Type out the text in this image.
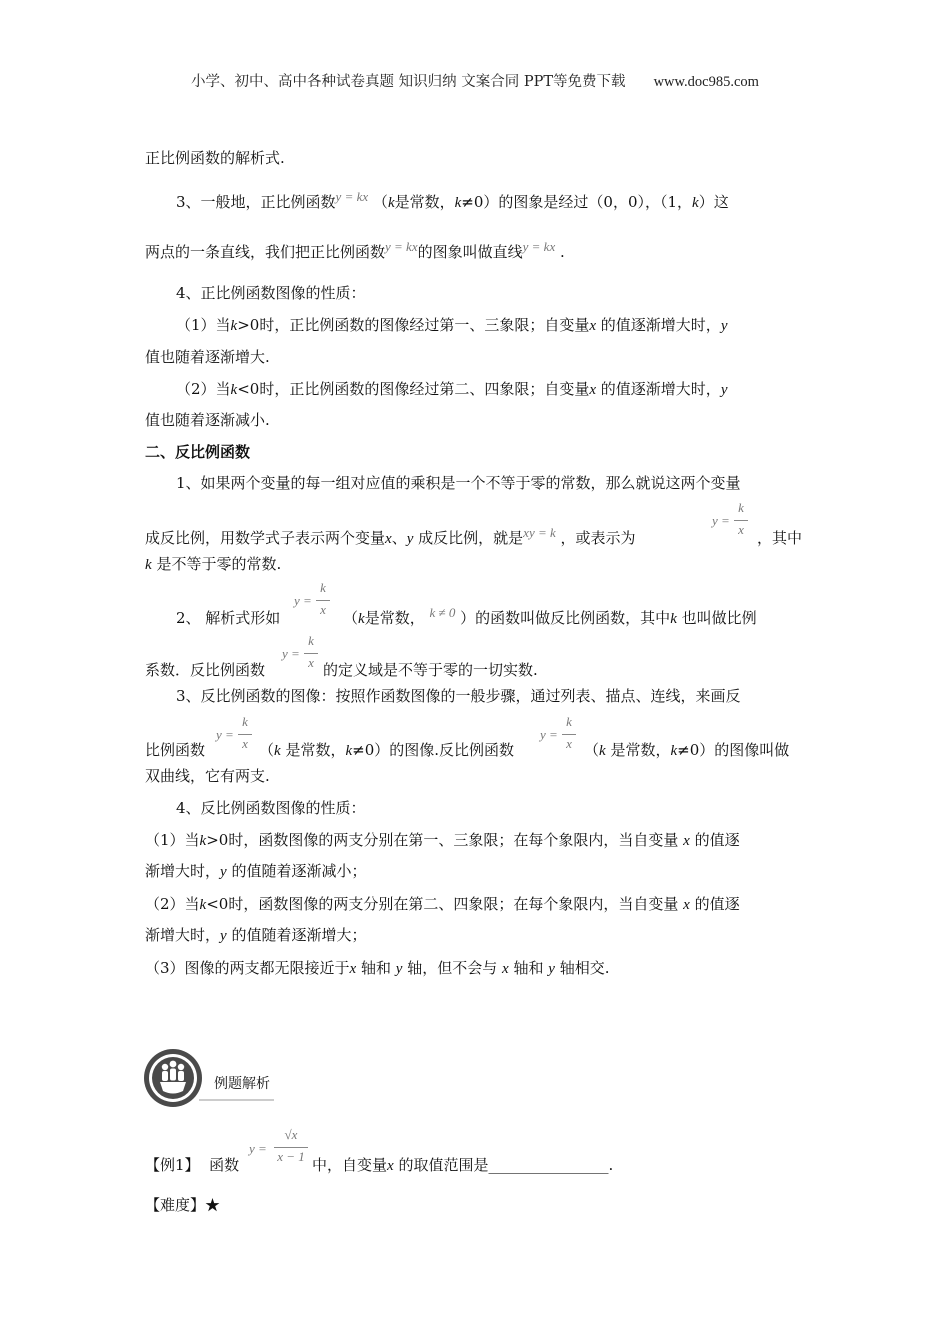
小学、初中、高中各种试卷真题 知识归纳 文案合同 PPT等免费下载 www.doc985.com
正比例函数的解析式.
3、一般地，正比例函数y = kx （k是常数，k≠0）的图象是经过（0，0），（1，k）这
两点的一条直线，我们把正比例函数y = kx的图象叫做直线y = kx .
4、正比例函数图像的性质：
（1）当k>0时，正比例函数的图像经过第一、三象限；自变量x 的值逐渐增大时，y
值也随着逐渐增大.
（2）当k<0时，正比例函数的图像经过第二、四象限；自变量x 的值逐渐增大时，y
值也随着逐渐减小.
二、反比例函数
1、如果两个变量的每一组对应值的乘积是一个不等于零的常数，那么就说这两个变量
成反比例，用数学式子表示两个变量x、y 成反比例，就是xy = k ，或表示为
y =
k
x ，其中
k 是不等于零的常数.
y =
k
x
2、 解析式形如	（k是常数， k ≠ 0 ）的函数叫做反比例函数，其中k 也叫做比例
y =
k
x
系数．反比例函数	的定义域是不等于零的一切实数.
3、反比例函数的图像：按照作函数图像的一般步骤，通过列表、描点、连线，来画反
y =
k
x
y =
k
x
比例函数	（k 是常数，k≠0）的图像.反比例函数	（k 是常数，k≠0）的图像叫做
双曲线，它有两支.
4、反比例函数图像的性质：
（1）当k>0时，函数图像的两支分别在第一、三象限；在每个象限内，当自变量 x 的值逐
渐增大时，y 的值随着逐渐减小；
（2）当k<0时，函数图像的两支分别在第二、四象限；在每个象限内，当自变量 x 的值逐
渐增大时，y 的值随着逐渐增大；
（3）图像的两支都无限接近于x 轴和 y 轴，但不会与 x 轴和 y 轴相交.
例题解析
y =
√x
x − 1
【例1】 函数	中，自变量x 的取值范围是________________.
【难度】★
